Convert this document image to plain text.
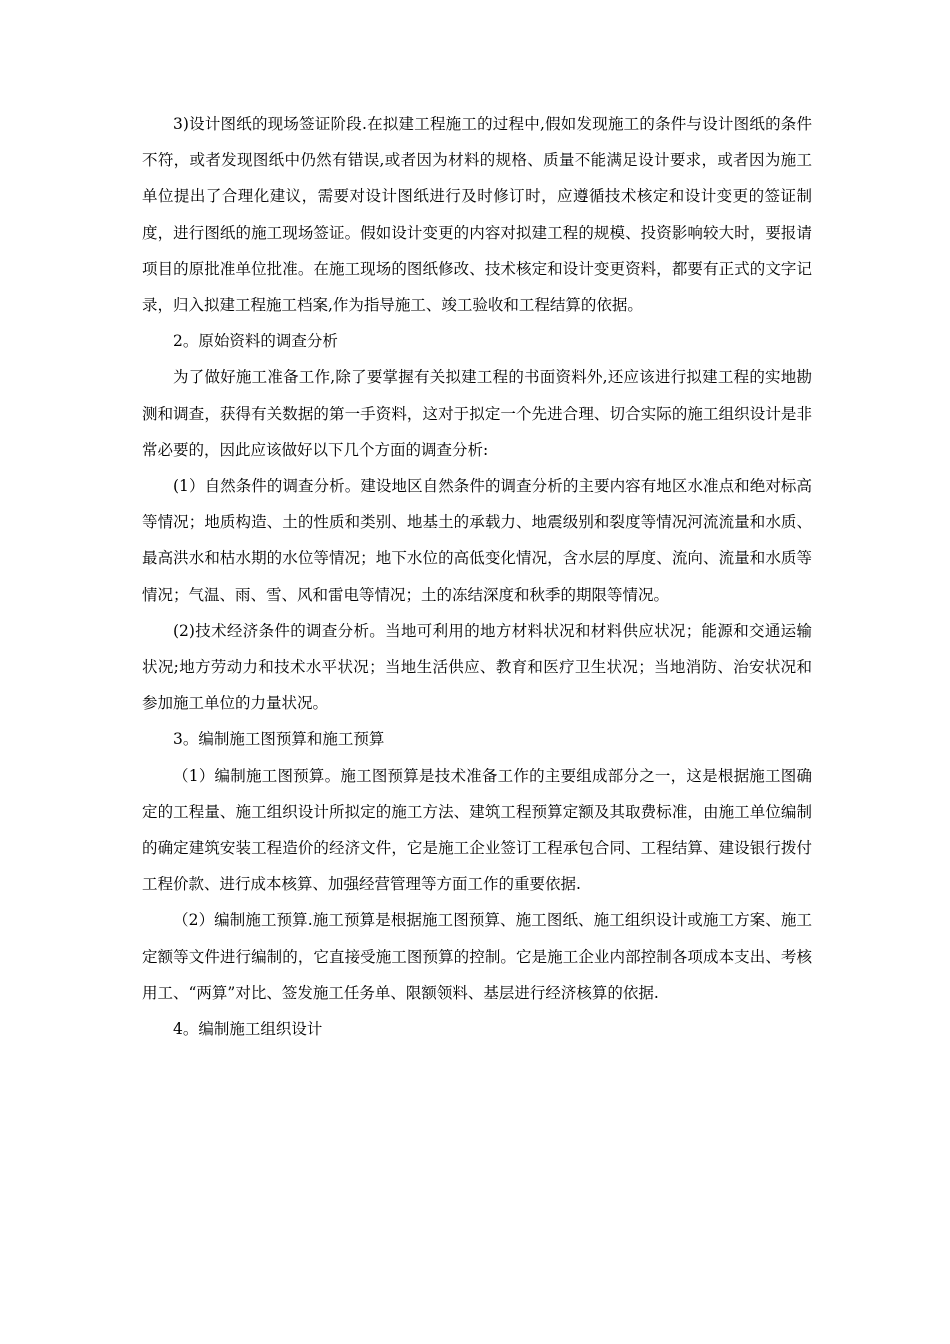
3)设计图纸的现场签证阶段.在拟建工程施工的过程中,假如发现施工的条件与设计图纸的条件不符，或者发现图纸中仍然有错误,或者因为材料的规格、质量不能满足设计要求，或者因为施工单位提出了合理化建议，需要对设计图纸进行及时修订时，应遵循技术核定和设计变更的签证制度，进行图纸的施工现场签证。假如设计变更的内容对拟建工程的规模、投资影响较大时，要报请项目的原批准单位批准。在施工现场的图纸修改、技术核定和设计变更资料，都要有正式的文字记录，归入拟建工程施工档案,作为指导施工、竣工验收和工程结算的依据。

2。原始资料的调查分析

为了做好施工准备工作,除了要掌握有关拟建工程的书面资料外,还应该进行拟建工程的实地勘测和调查，获得有关数据的第一手资料，这对于拟定一个先进合理、切合实际的施工组织设计是非常必要的，因此应该做好以下几个方面的调查分析:

(1）自然条件的调查分析。建设地区自然条件的调查分析的主要内容有地区水准点和绝对标高等情况；地质构造、土的性质和类别、地基土的承载力、地震级别和裂度等情况河流流量和水质、最高洪水和枯水期的水位等情况；地下水位的高低变化情况，含水层的厚度、流向、流量和水质等情况；气温、雨、雪、风和雷电等情况；土的冻结深度和秋季的期限等情况。

(2)技术经济条件的调查分析。当地可利用的地方材料状况和材料供应状况；能源和交通运输状况;地方劳动力和技术水平状况；当地生活供应、教育和医疗卫生状况；当地消防、治安状况和参加施工单位的力量状况。

3。编制施工图预算和施工预算

（1）编制施工图预算。施工图预算是技术准备工作的主要组成部分之一，这是根据施工图确定的工程量、施工组织设计所拟定的施工方法、建筑工程预算定额及其取费标准，由施工单位编制的确定建筑安装工程造价的经济文件，它是施工企业签订工程承包合同、工程结算、建设银行拨付工程价款、进行成本核算、加强经营管理等方面工作的重要依据.

（2）编制施工预算.施工预算是根据施工图预算、施工图纸、施工组织设计或施工方案、施工定额等文件进行编制的，它直接受施工图预算的控制。它是施工企业内部控制各项成本支出、考核用工、“两算”对比、签发施工任务单、限额领料、基层进行经济核算的依据.

4。编制施工组织设计
